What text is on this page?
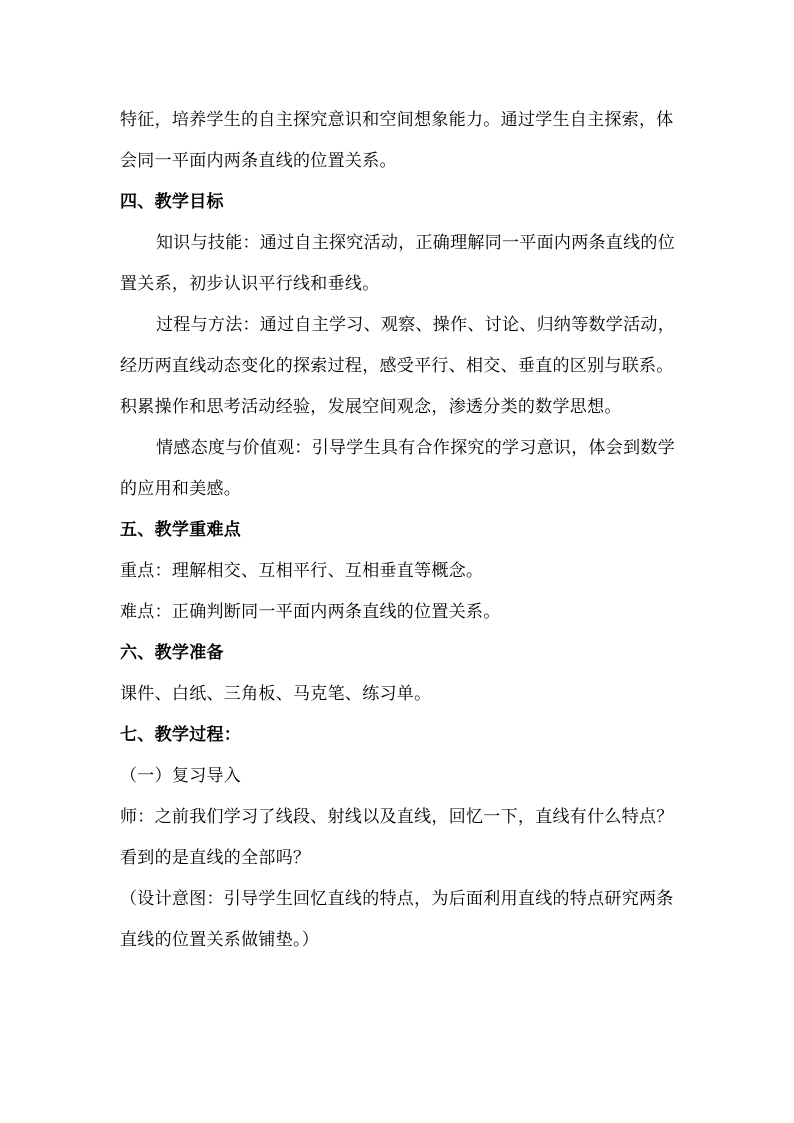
特征，培养学生的自主探究意识和空间想象能力。通过学生自主探索，体会同一平面内两条直线的位置关系。

四、教学目标

知识与技能：通过自主探究活动，正确理解同一平面内两条直线的位置关系，初步认识平行线和垂线。

过程与方法：通过自主学习、观察、操作、讨论、归纳等数学活动，经历两直线动态变化的探索过程，感受平行、相交、垂直的区别与联系。积累操作和思考活动经验，发展空间观念，渗透分类的数学思想。

情感态度与价值观：引导学生具有合作探究的学习意识，体会到数学的应用和美感。

五、教学重难点

重点：理解相交、互相平行、互相垂直等概念。

难点：正确判断同一平面内两条直线的位置关系。

六、教学准备

课件、白纸、三角板、马克笔、练习单。

七、教学过程：

（一）复习导入

师：之前我们学习了线段、射线以及直线，回忆一下，直线有什么特点？看到的是直线的全部吗？

（设计意图：引导学生回忆直线的特点，为后面利用直线的特点研究两条直线的位置关系做铺垫。）
